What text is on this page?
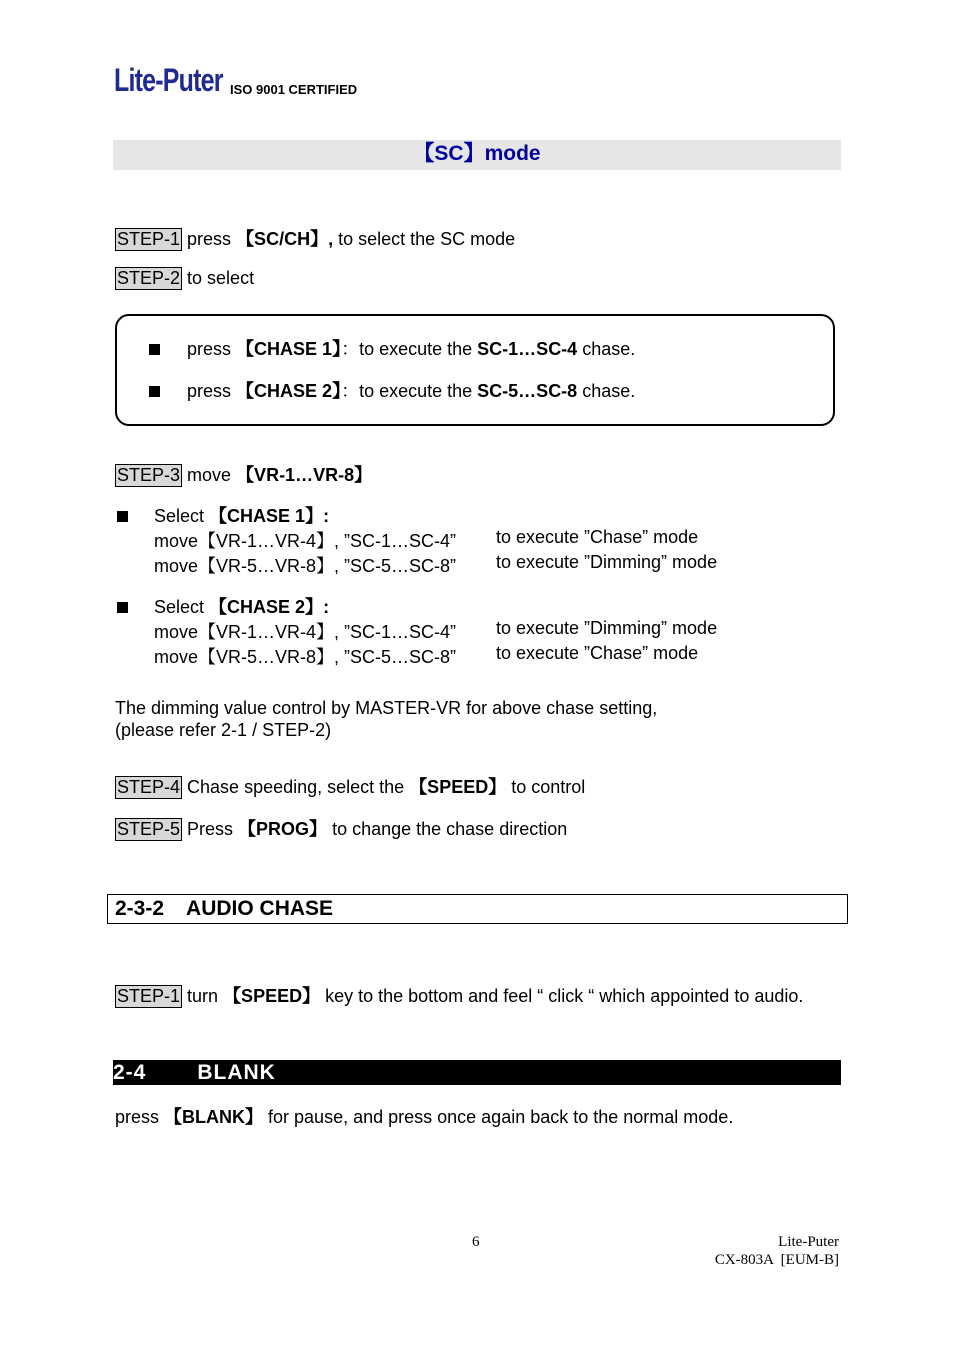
Lite-Puter ISO 9001 CERTIFIED
【SC】mode
STEP-1 press 【SC/CH】, to select the SC mode
STEP-2 to select
press 【CHASE 1】：to execute the SC-1…SC-4 chase.
press 【CHASE 2】：to execute the SC-5…SC-8 chase.
STEP-3 move 【VR-1…VR-8】
Select 【CHASE 1】:
move【VR-1…VR-4】, ”SC-1…SC-4” to execute ”Chase” mode
move【VR-5…VR-8】, ”SC-5…SC-8” to execute ”Dimming” mode
Select 【CHASE 2】:
move【VR-1…VR-4】, ”SC-1…SC-4” to execute ”Dimming” mode
move【VR-5…VR-8】, ”SC-5…SC-8” to execute ”Chase” mode
The dimming value control by MASTER-VR for above chase setting,
(please refer 2-1 / STEP-2)
STEP-4 Chase speeding, select the 【SPEED】 to control
STEP-5 Press 【PROG】 to change the chase direction
2-3-2 AUDIO CHASE
STEP-1 turn 【SPEED】 key to the bottom and feel “ click “ which appointed to audio.
2-4 BLANK
press 【BLANK】 for pause, and press once again back to the normal mode.
6	Lite-Puter
CX-803A  [EUM-B]
